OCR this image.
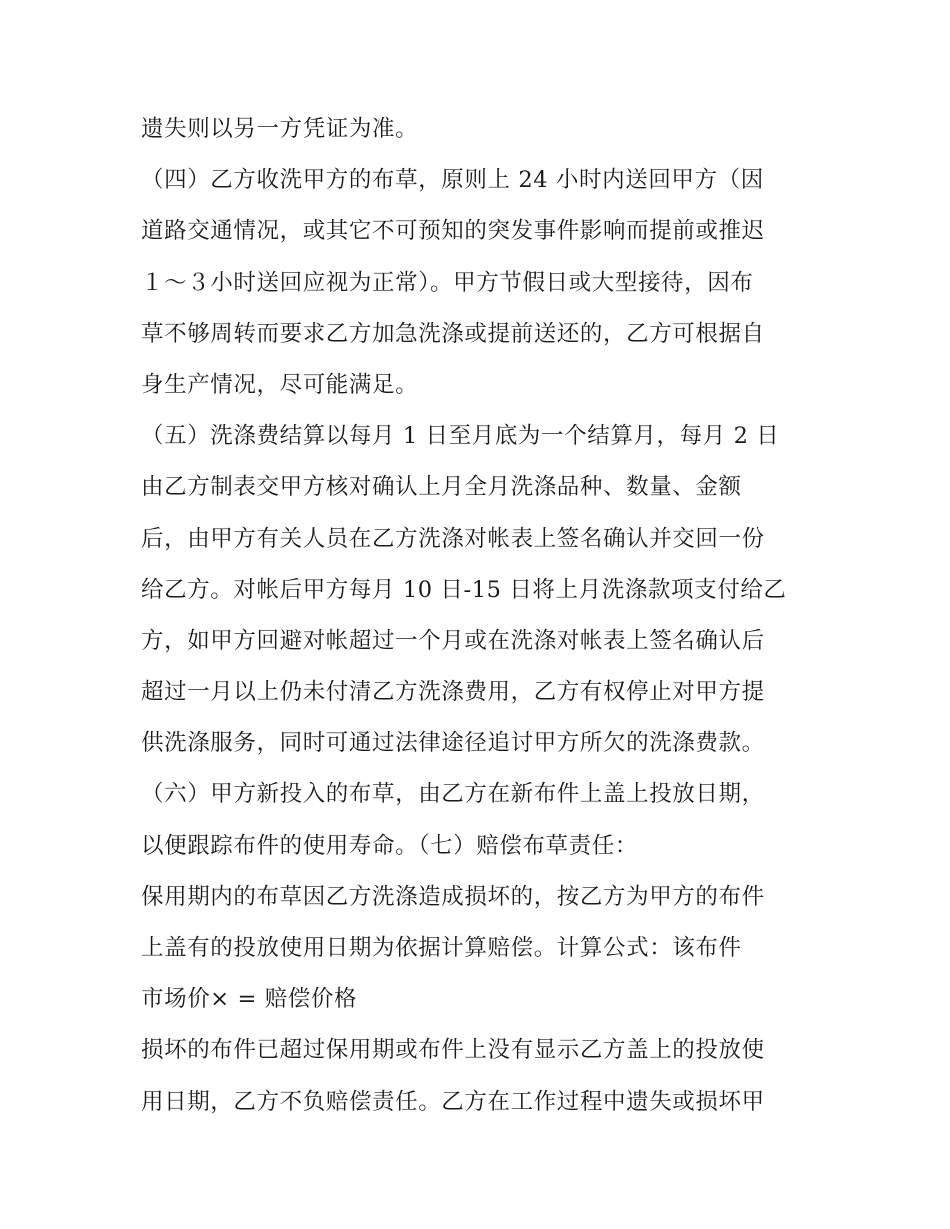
遗失则以另一方凭证为准。
（四）乙方收洗甲方的布草，原则上 24 小时内送回甲方（因
道路交通情况，或其它不可预知的突发事件影响而提前或推迟
１～３小时送回应视为正常）。甲方节假日或大型接待，因布
草不够周转而要求乙方加急洗涤或提前送还的，乙方可根据自
身生产情况，尽可能满足。
（五）洗涤费结算以每月 1 日至月底为一个结算月，每月 2 日
由乙方制表交甲方核对确认上月全月洗涤品种、数量、金额
后，由甲方有关人员在乙方洗涤对帐表上签名确认并交回一份
给乙方。对帐后甲方每月 10 日-15 日将上月洗涤款项支付给乙
方，如甲方回避对帐超过一个月或在洗涤对帐表上签名确认后
超过一月以上仍未付清乙方洗涤费用，乙方有权停止对甲方提
供洗涤服务，同时可通过法律途径追讨甲方所欠的洗涤费款。
（六）甲方新投入的布草，由乙方在新布件上盖上投放日期，
以便跟踪布件的使用寿命。（七）赔偿布草责任：
保用期内的布草因乙方洗涤造成损坏的，按乙方为甲方的布件
上盖有的投放使用日期为依据计算赔偿。计算公式：该布件
市场价× = 赔偿价格
损坏的布件已超过保用期或布件上没有显示乙方盖上的投放使
用日期，乙方不负赔偿责任。乙方在工作过程中遗失或损坏甲
